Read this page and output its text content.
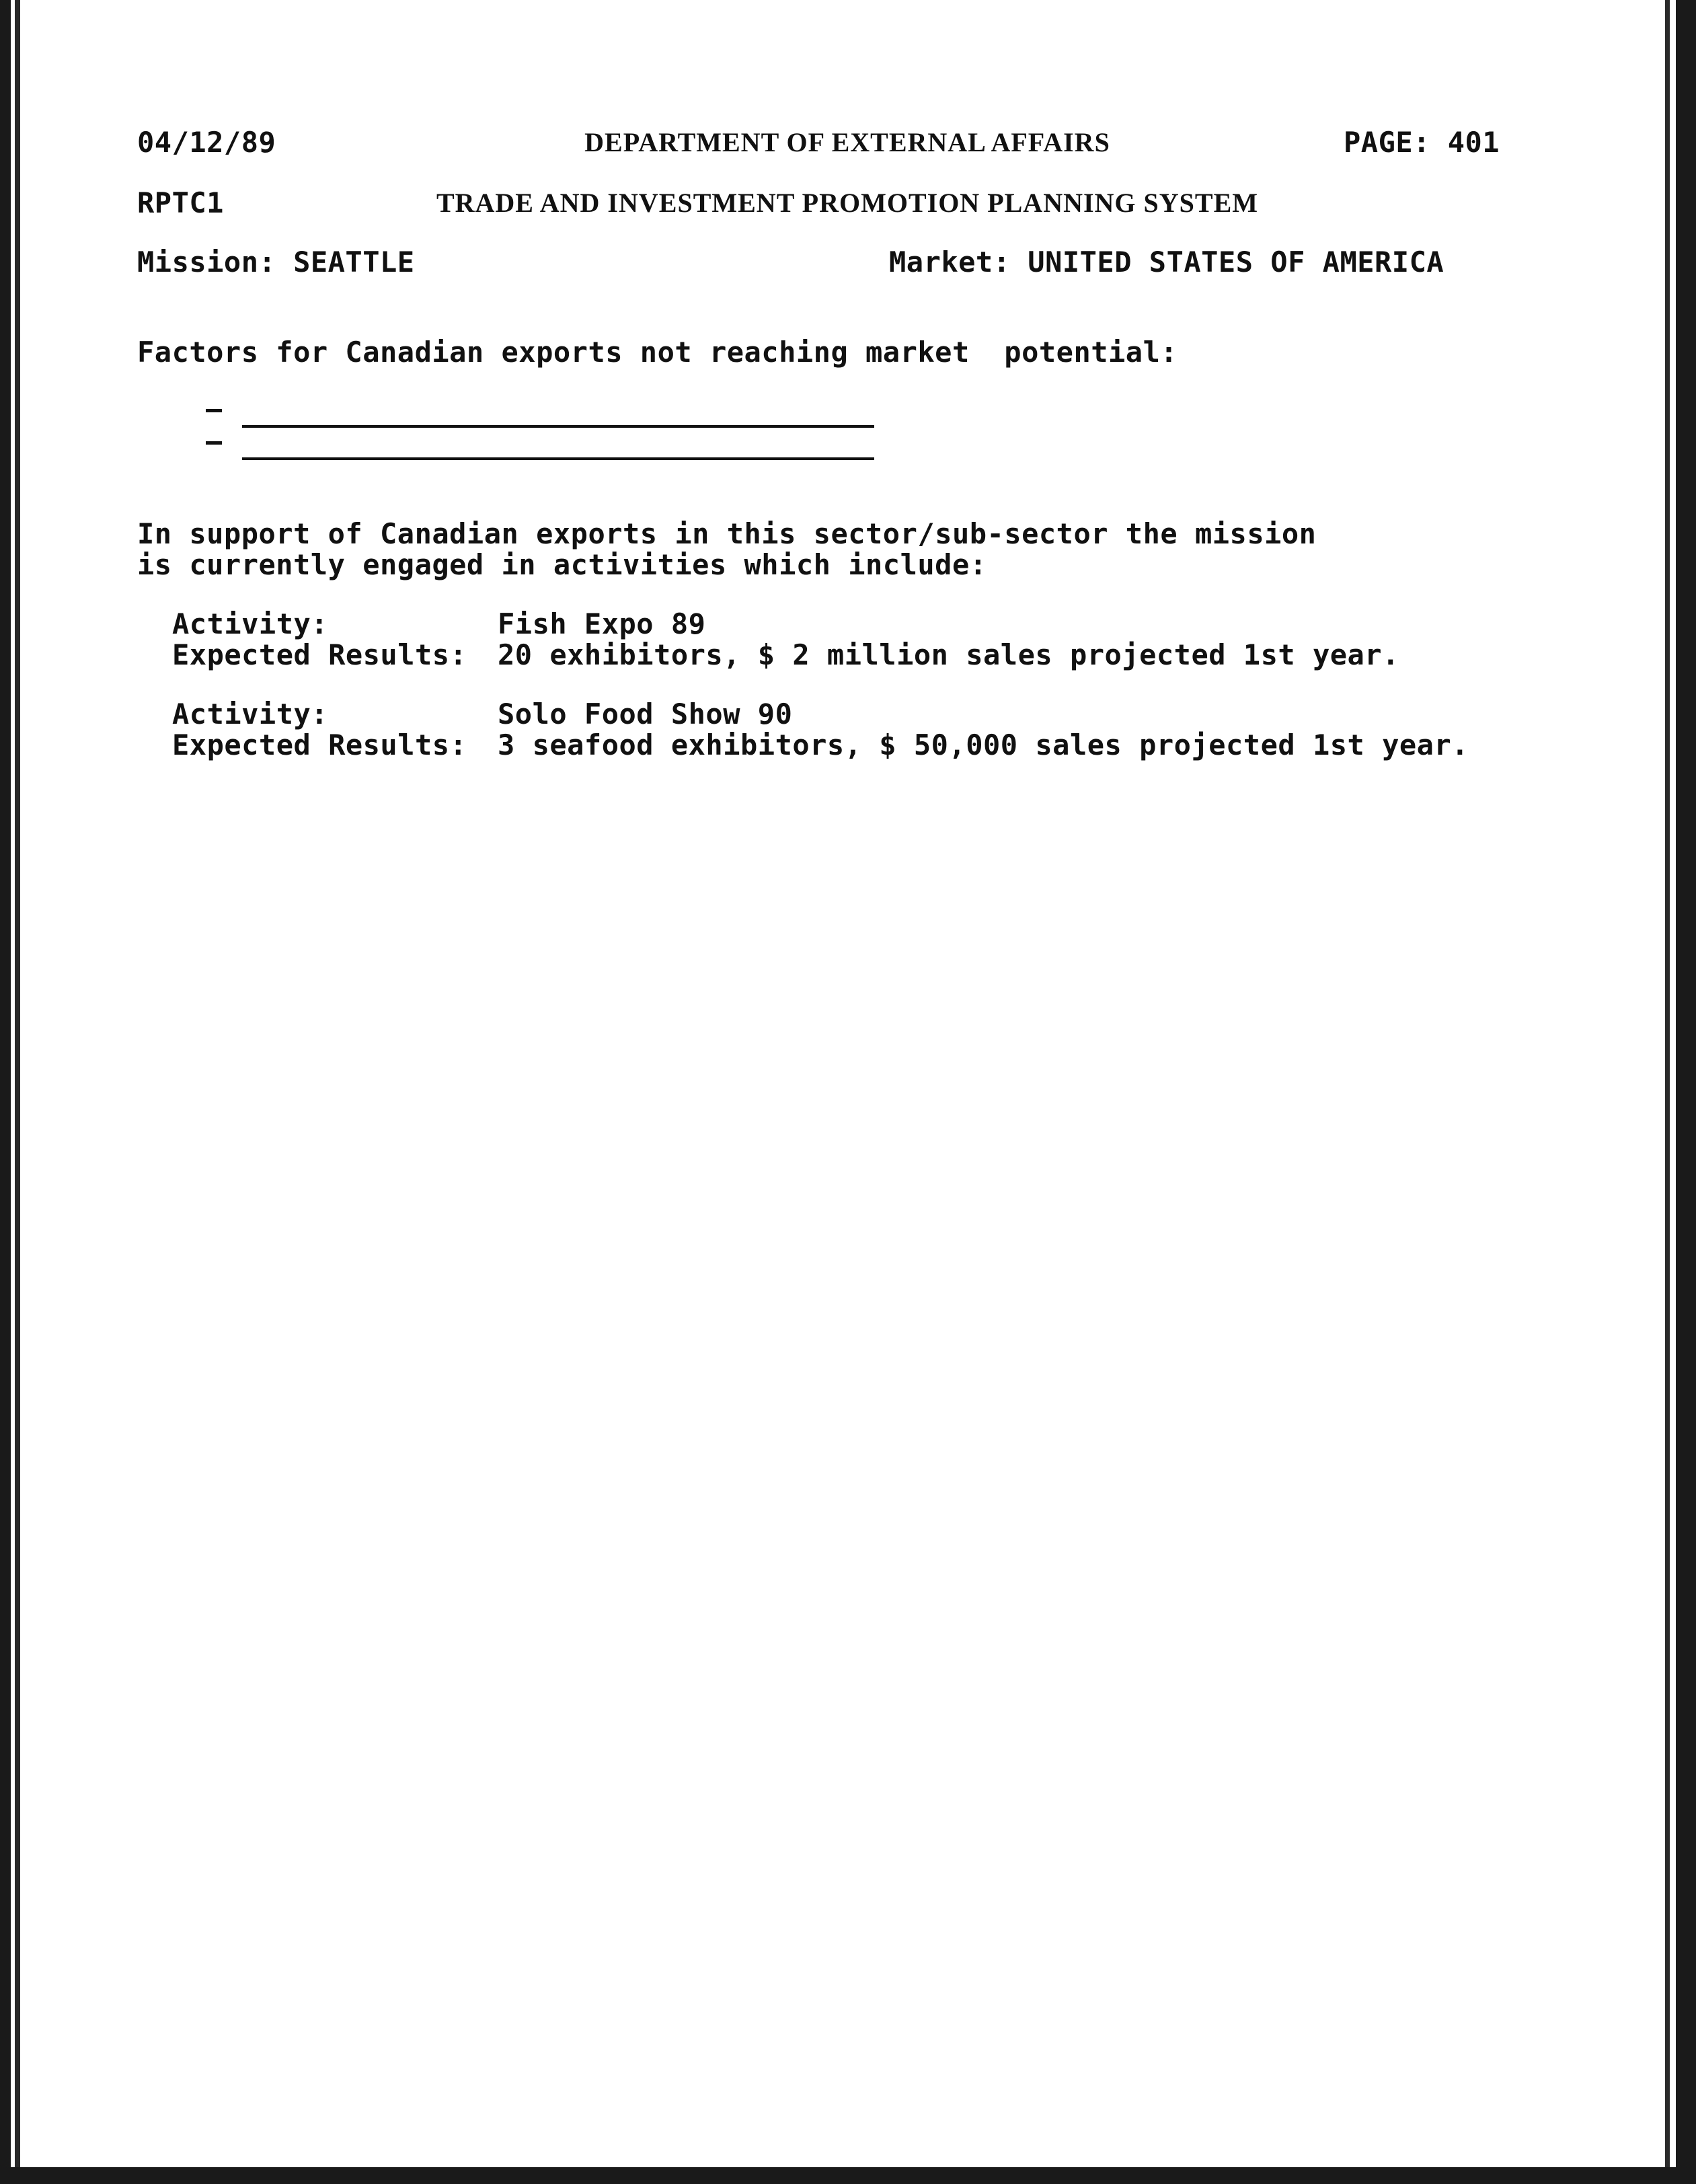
04/12/89	DEPARTMENT OF EXTERNAL AFFAIRS	PAGE: 401
RPTC1	TRADE AND INVESTMENT PROMOTION PLANNING SYSTEM
Mission: SEATTLE	Market: UNITED STATES OF AMERICA
Factors for Canadian exports not reaching market  potential:
In support of Canadian exports in this sector/sub-sector the mission
is currently engaged in activities which include:
Activity:	Fish Expo 89
Expected Results: 20 exhibitors, $ 2 million sales projected 1st year.
Activity:	Solo Food Show 90
Expected Results: 3 seafood exhibitors, $ 50,000 sales projected 1st year.
